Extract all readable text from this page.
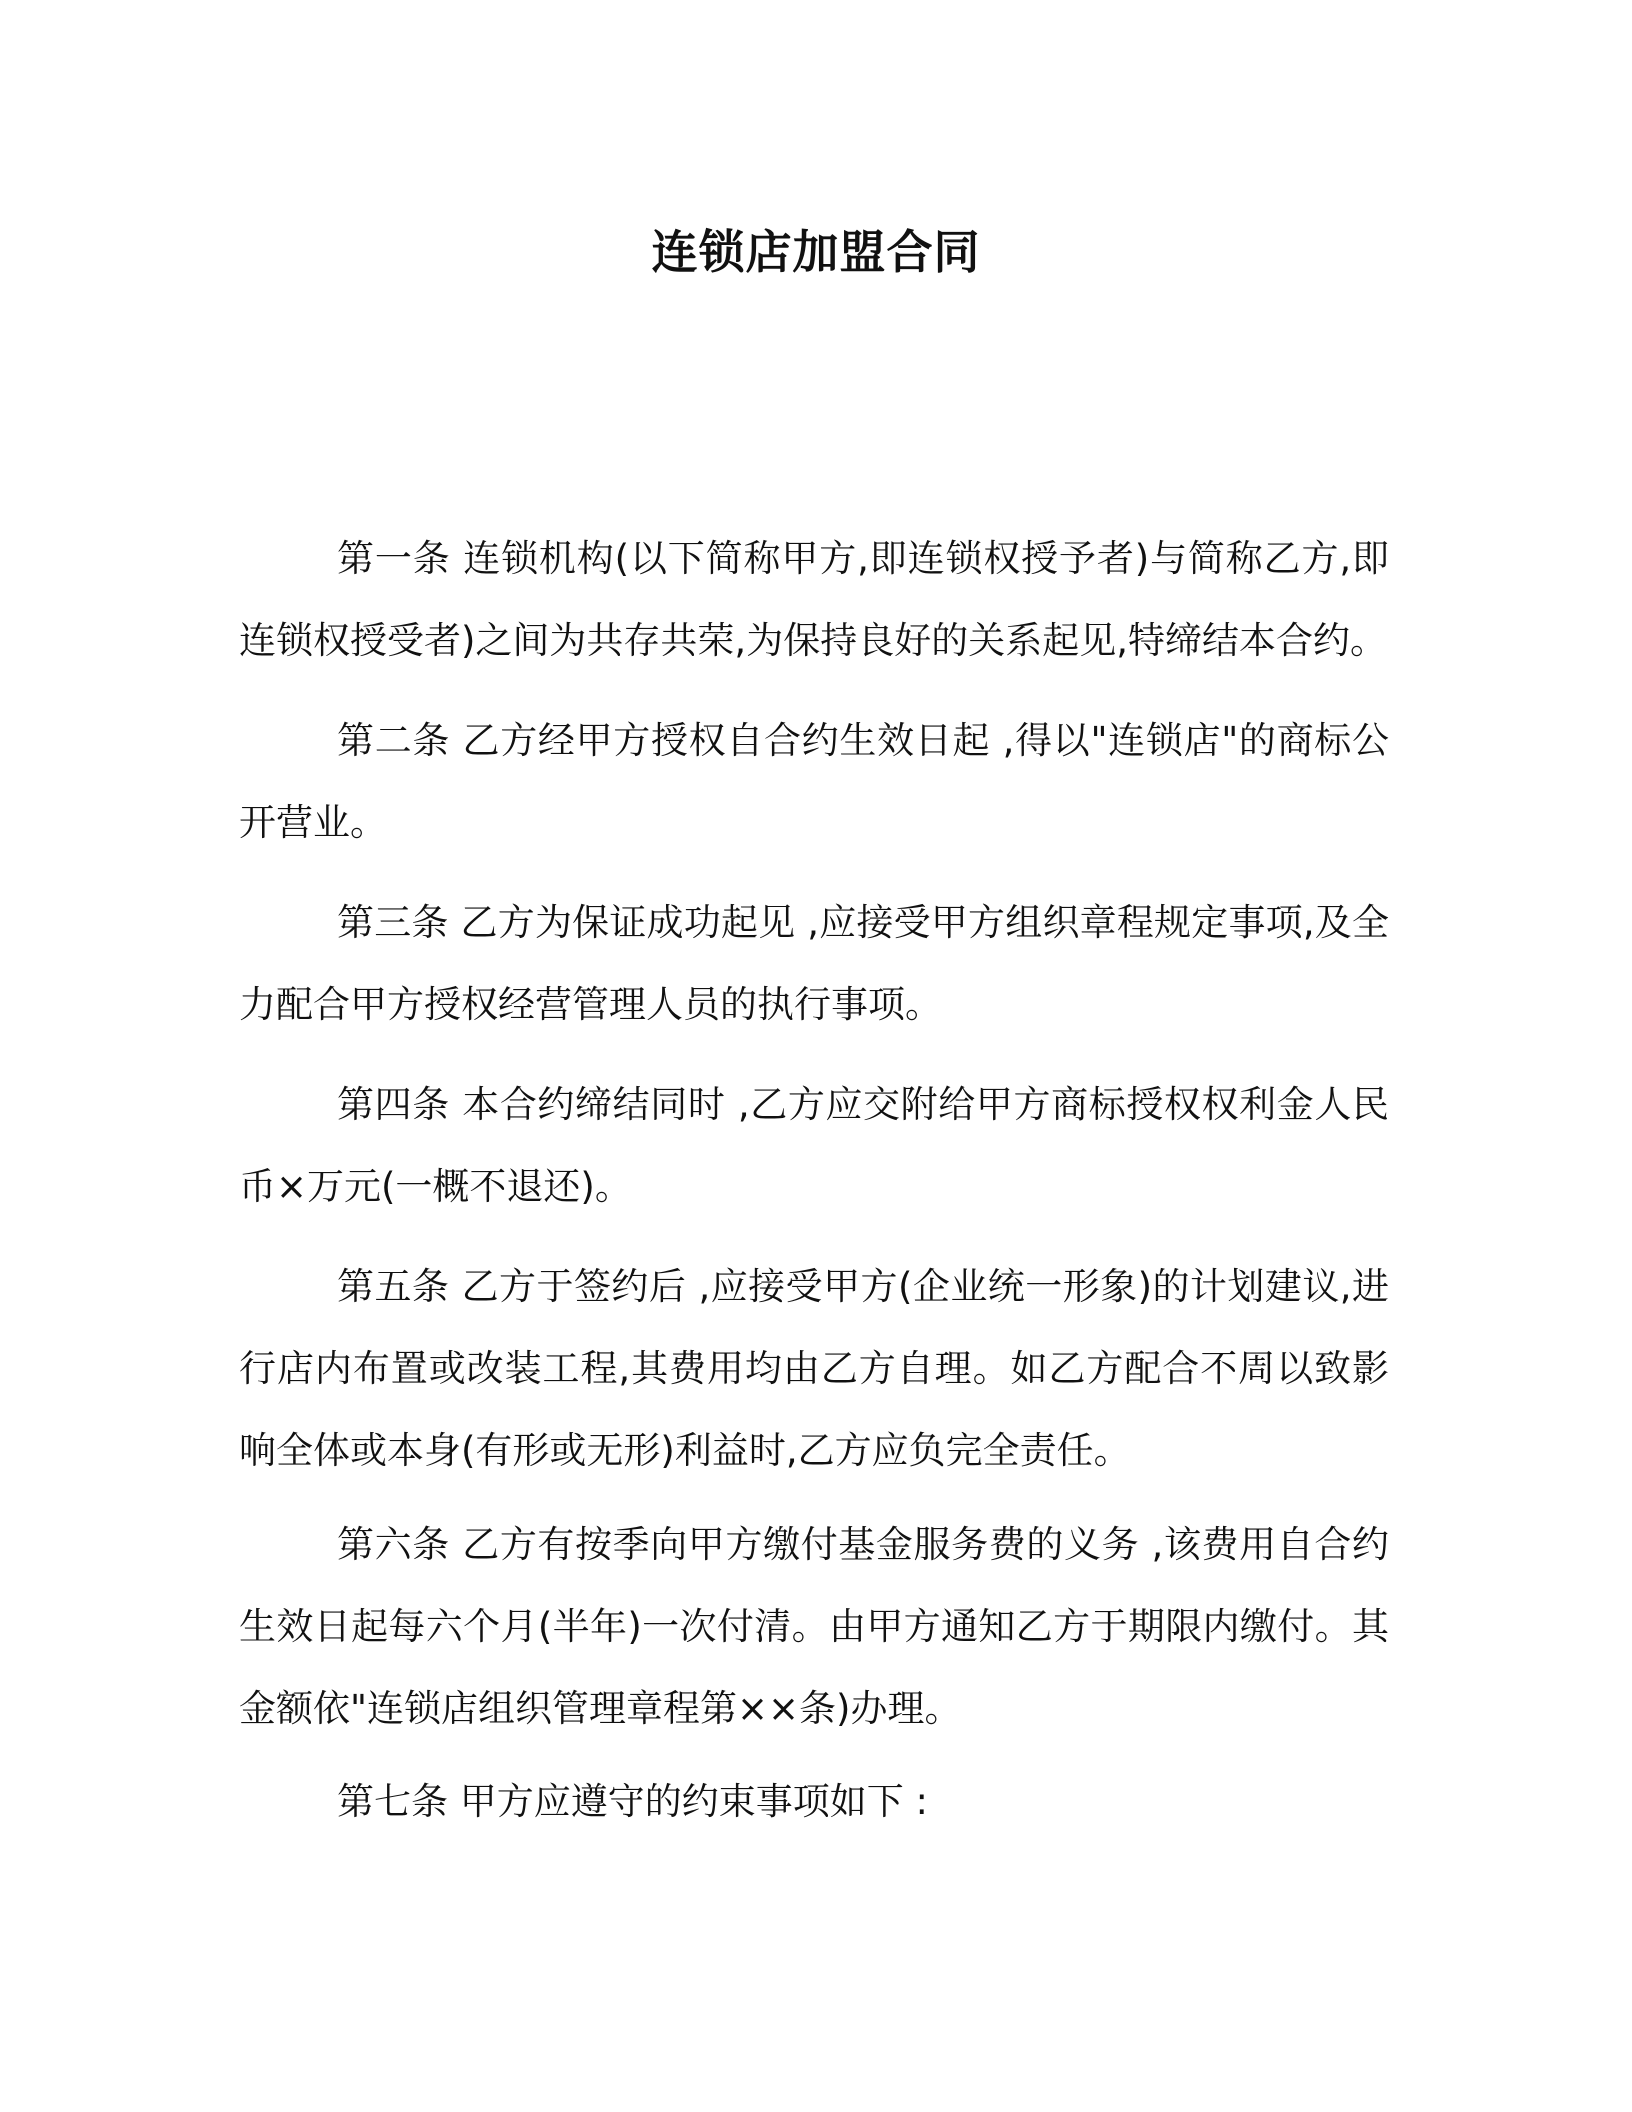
连锁店加盟合同

第一条 连锁机构(以下简称甲方,即连锁权授予者)与简称乙方,即连锁权授受者)之间为共存共荣,为保持良好的关系起见,特缔结本合约。

第二条 乙方经甲方授权自合约生效日起 ,得以"连锁店"的商标公开营业。

第三条 乙方为保证成功起见 ,应接受甲方组织章程规定事项,及全力配合甲方授权经营管理人员的执行事项。

第四条 本合约缔结同时 ,乙方应交附给甲方商标授权权利金人民币×万元(一概不退还)。

第五条 乙方于签约后 ,应接受甲方(企业统一形象)的计划建议,进行店内布置或改装工程,其费用均由乙方自理。如乙方配合不周以致影响全体或本身(有形或无形)利益时,乙方应负完全责任。

第六条 乙方有按季向甲方缴付基金服务费的义务 ,该费用自合约生效日起每六个月(半年)一次付清。由甲方通知乙方于期限内缴付。其金额依"连锁店组织管理章程第××条)办理。

第七条 甲方应遵守的约束事项如下 :
